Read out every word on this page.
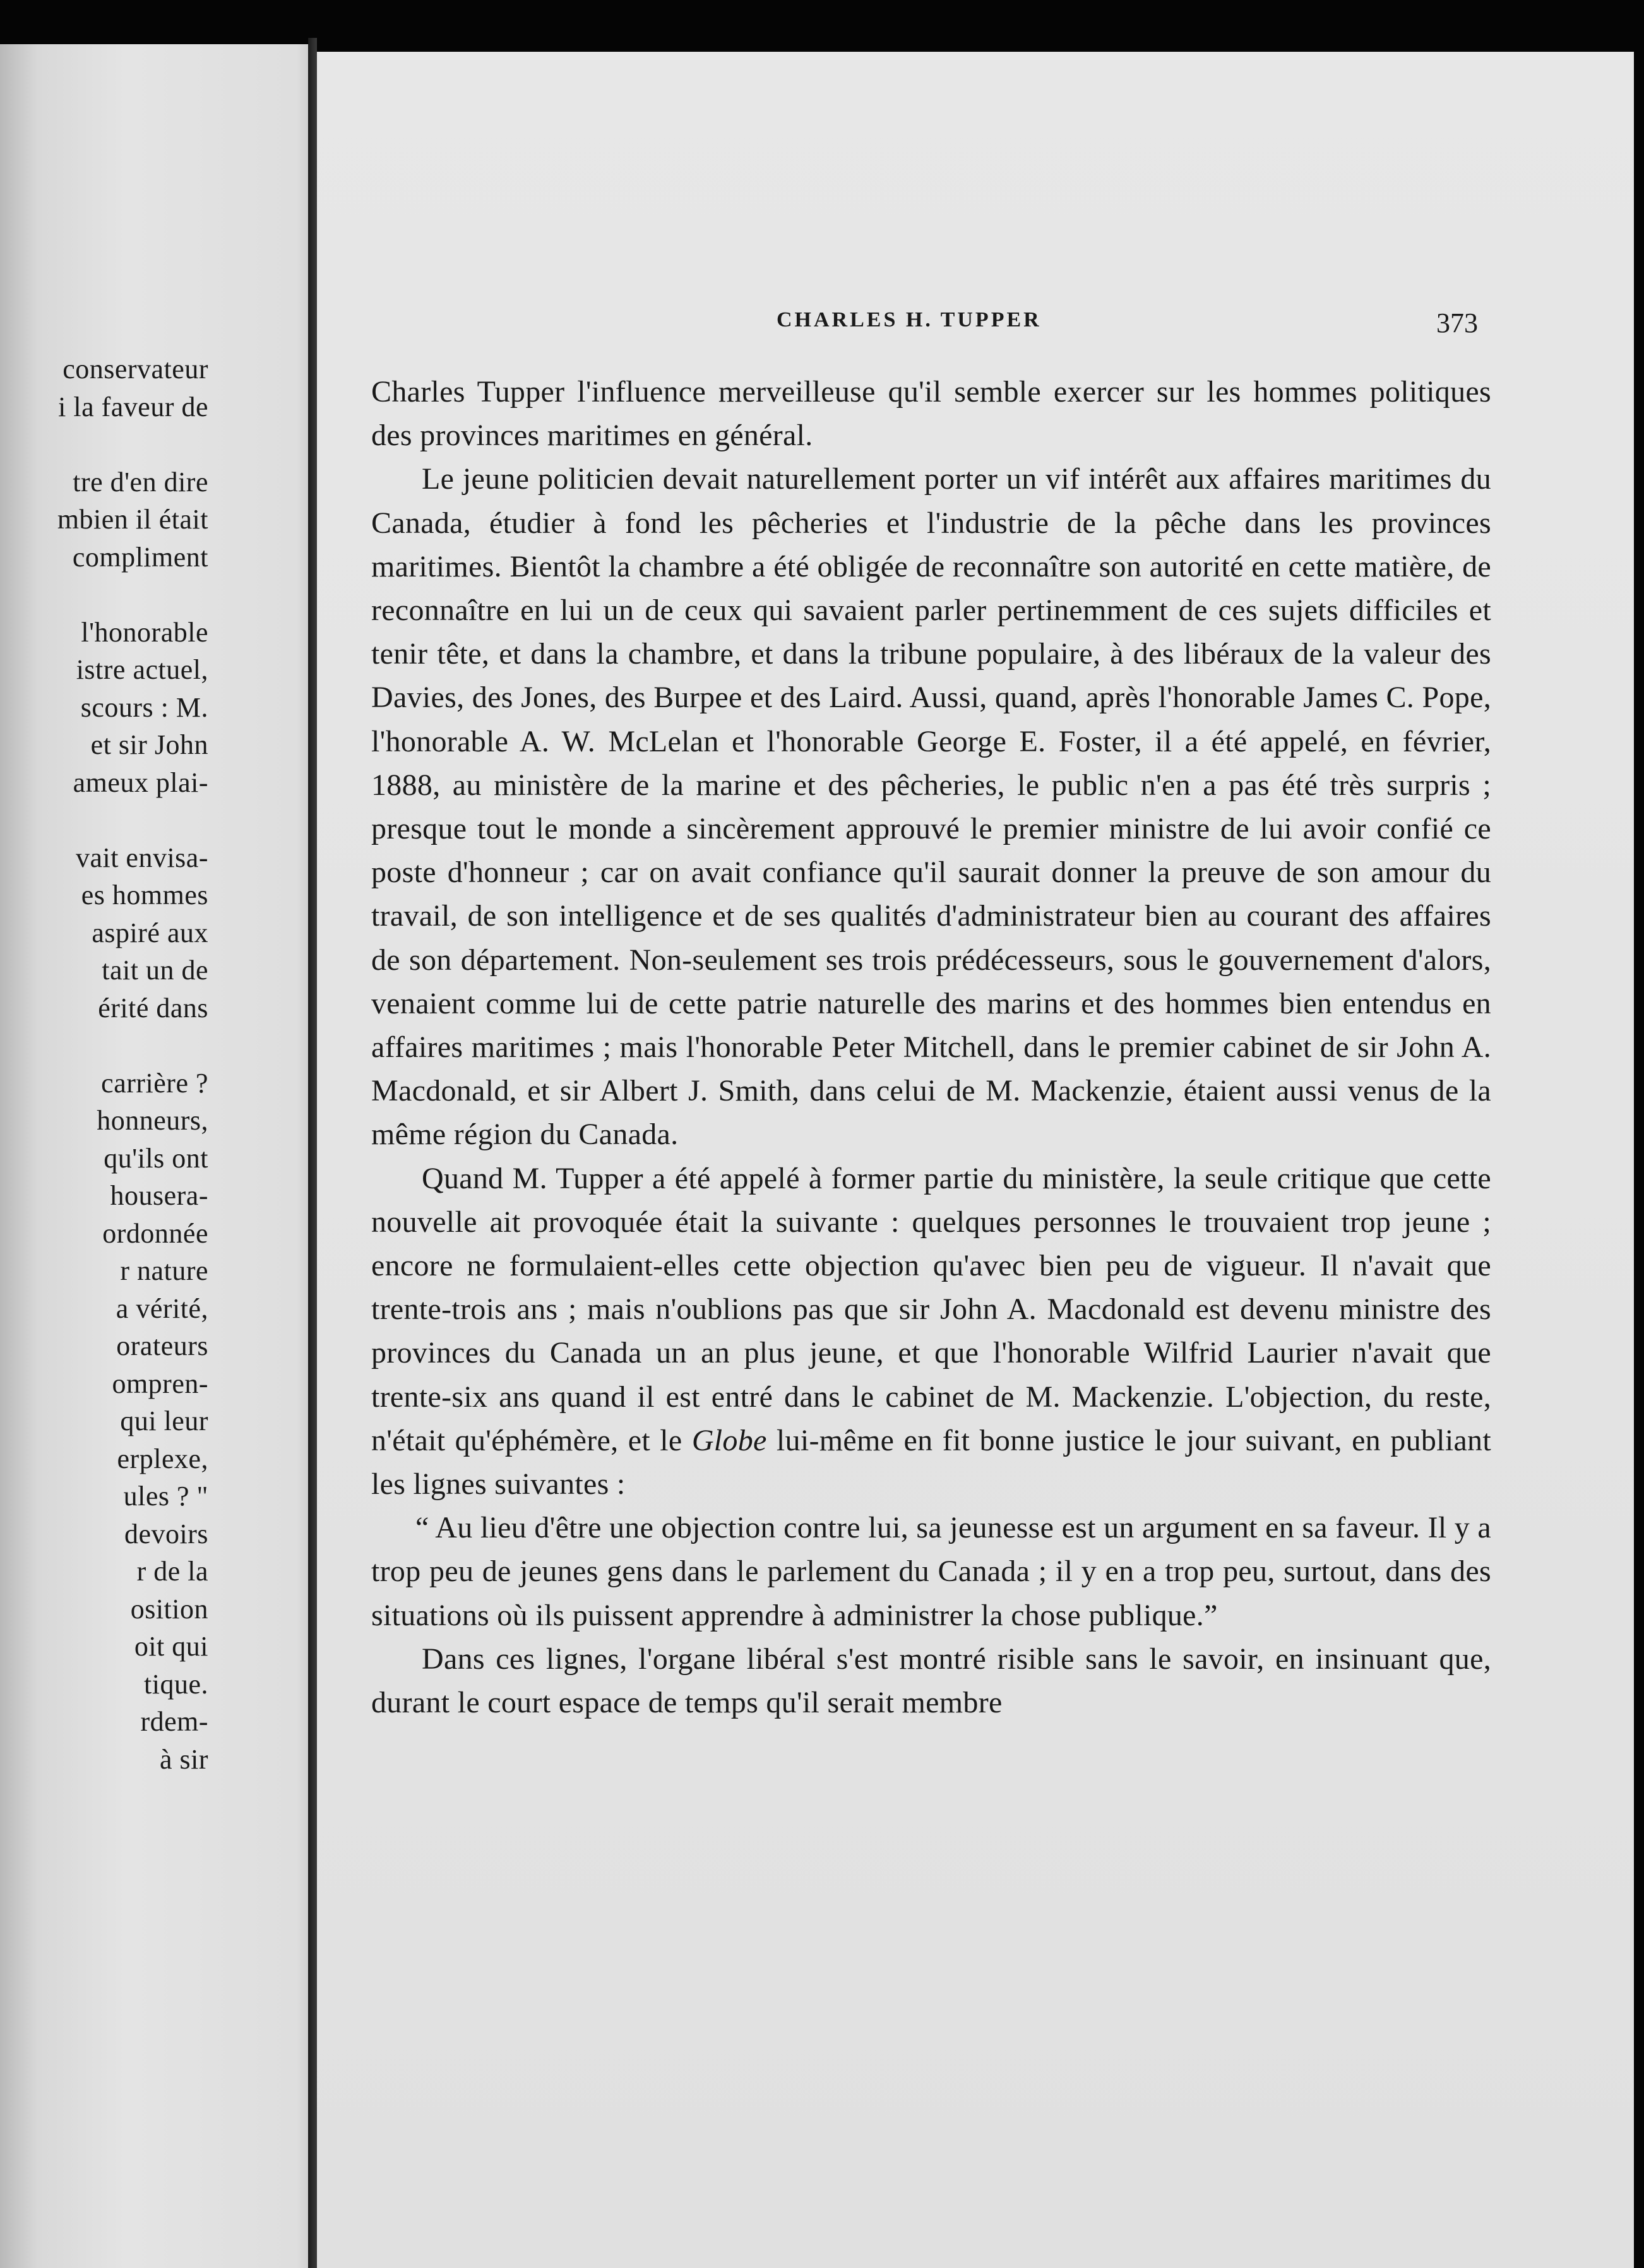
conservateur
i la faveur de
tre d'en dire
mbien il était
compliment
l'honorable
istre actuel,
scours : M.
et sir John
ameux plai-
vait envisa-
es hommes
aspiré aux
tait un de
érité dans
carrière ?
honneurs,
qu'ils ont
housera-
ordonnée
r nature
a vérité,
orateurs
ompren-
qui leur
erplexe,
ules ? "
devoirs
r de la
osition
oit qui
tique.
rdem-
à sir
CHARLES H. TUPPER	373

Charles Tupper l'influence merveilleuse qu'il semble exercer sur les hommes politiques des provinces maritimes en général.

Le jeune politicien devait naturellement porter un vif intérêt aux affaires maritimes du Canada, étudier à fond les pêcheries et l'industrie de la pêche dans les provinces maritimes. Bientôt la chambre a été obligée de reconnaître son autorité en cette matière, de reconnaître en lui un de ceux qui savaient parler pertinemment de ces sujets difficiles et tenir tête, et dans la chambre, et dans la tribune populaire, à des libéraux de la valeur des Davies, des Jones, des Burpee et des Laird. Aussi, quand, après l'honorable James C. Pope, l'honorable A. W. McLelan et l'honorable George E. Foster, il a été appelé, en février, 1888, au ministère de la marine et des pêcheries, le public n'en a pas été très surpris ; presque tout le monde a sincèrement approuvé le premier ministre de lui avoir confié ce poste d'honneur ; car on avait confiance qu'il saurait donner la preuve de son amour du travail, de son intelligence et de ses qualités d'administrateur bien au courant des affaires de son département. Non-seulement ses trois prédécesseurs, sous le gouvernement d'alors, venaient comme lui de cette patrie naturelle des marins et des hommes bien entendus en affaires maritimes ; mais l'honorable Peter Mitchell, dans le premier cabinet de sir John A. Macdonald, et sir Albert J. Smith, dans celui de M. Mackenzie, étaient aussi venus de la même région du Canada.

Quand M. Tupper a été appelé à former partie du ministère, la seule critique que cette nouvelle ait provoquée était la suivante : quelques personnes le trouvaient trop jeune ; encore ne formulaient-elles cette objection qu'avec bien peu de vigueur. Il n'avait que trente-trois ans ; mais n'oublions pas que sir John A. Macdonald est devenu ministre des provinces du Canada un an plus jeune, et que l'honorable Wilfrid Laurier n'avait que trente-six ans quand il est entré dans le cabinet de M. Mackenzie. L'objection, du reste, n'était qu'éphémère, et le Globe lui-même en fit bonne justice le jour suivant, en publiant les lignes suivantes :

“ Au lieu d'être une objection contre lui, sa jeunesse est un argument en sa faveur. Il y a trop peu de jeunes gens dans le parlement du Canada ; il y en a trop peu, surtout, dans des situations où ils puissent apprendre à administrer la chose publique.”

Dans ces lignes, l'organe libéral s'est montré risible sans le savoir, en insinuant que, durant le court espace de temps qu'il serait membre
